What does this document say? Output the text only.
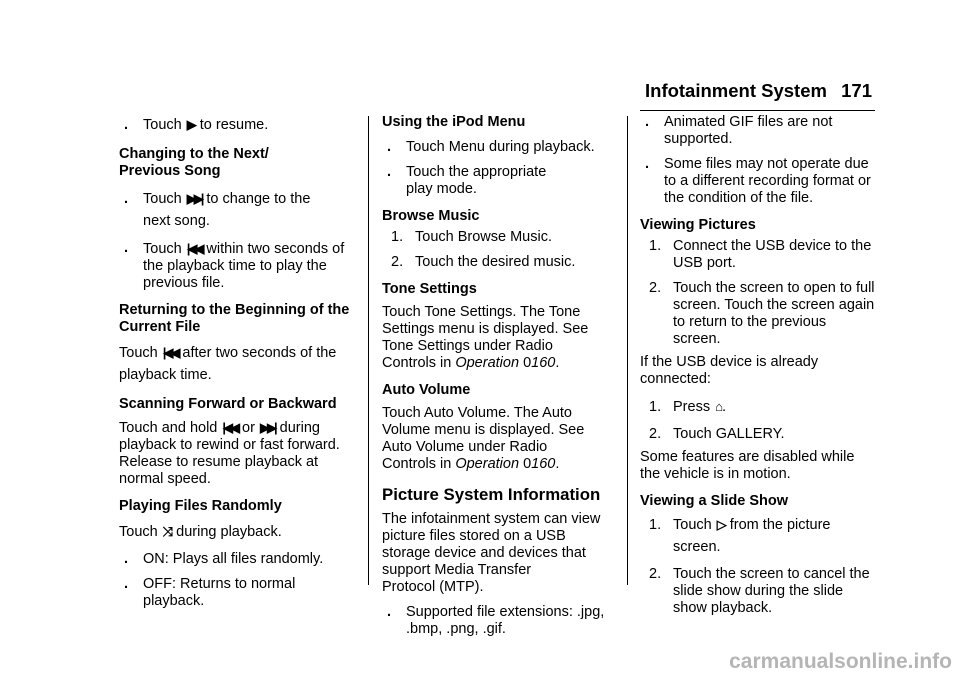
Infotainment System 171
. Touch ▶ to resume.
Changing to the Next/
Previous Song
. Touch ▶▶| to change to the
next song.
. Touch |◀◀ within two seconds of
the playback time to play the
previous file.
Returning to the Beginning of the
Current File
Touch |◀◀ after two seconds of the
playback time.
Scanning Forward or Backward
Touch and hold |◀◀ or ▶▶| during
playback to rewind or fast forward.
Release to resume playback at
normal speed.
Playing Files Randomly
Touch ⤨ during playback.
. ON: Plays all files randomly.
. OFF: Returns to normal
playback.
Using the iPod Menu
. Touch Menu during playback.
. Touch the appropriate
play mode.
Browse Music
1. Touch Browse Music.
2. Touch the desired music.
Tone Settings
Touch Tone Settings. The Tone
Settings menu is displayed. See
Tone Settings under Radio
Controls in Operation 0160.
Auto Volume
Touch Auto Volume. The Auto
Volume menu is displayed. See
Auto Volume under Radio
Controls in Operation 0160.
Picture System Information
The infotainment system can view
picture files stored on a USB
storage device and devices that
support Media Transfer
Protocol (MTP).
. Supported file extensions: .jpg,
.bmp, .png, .gif.
. Animated GIF files are not
supported.
. Some files may not operate due
to a different recording format or
the condition of the file.
Viewing Pictures
1. Connect the USB device to the
USB port.
2. Touch the screen to open to full
screen. Touch the screen again
to return to the previous
screen.
If the USB device is already
connected:
1. Press ⌂.
2. Touch GALLERY.
Some features are disabled while
the vehicle is in motion.
Viewing a Slide Show
1. Touch ▷ from the picture
screen.
2. Touch the screen to cancel the
slide show during the slide
show playback.
carmanualsonline.info
